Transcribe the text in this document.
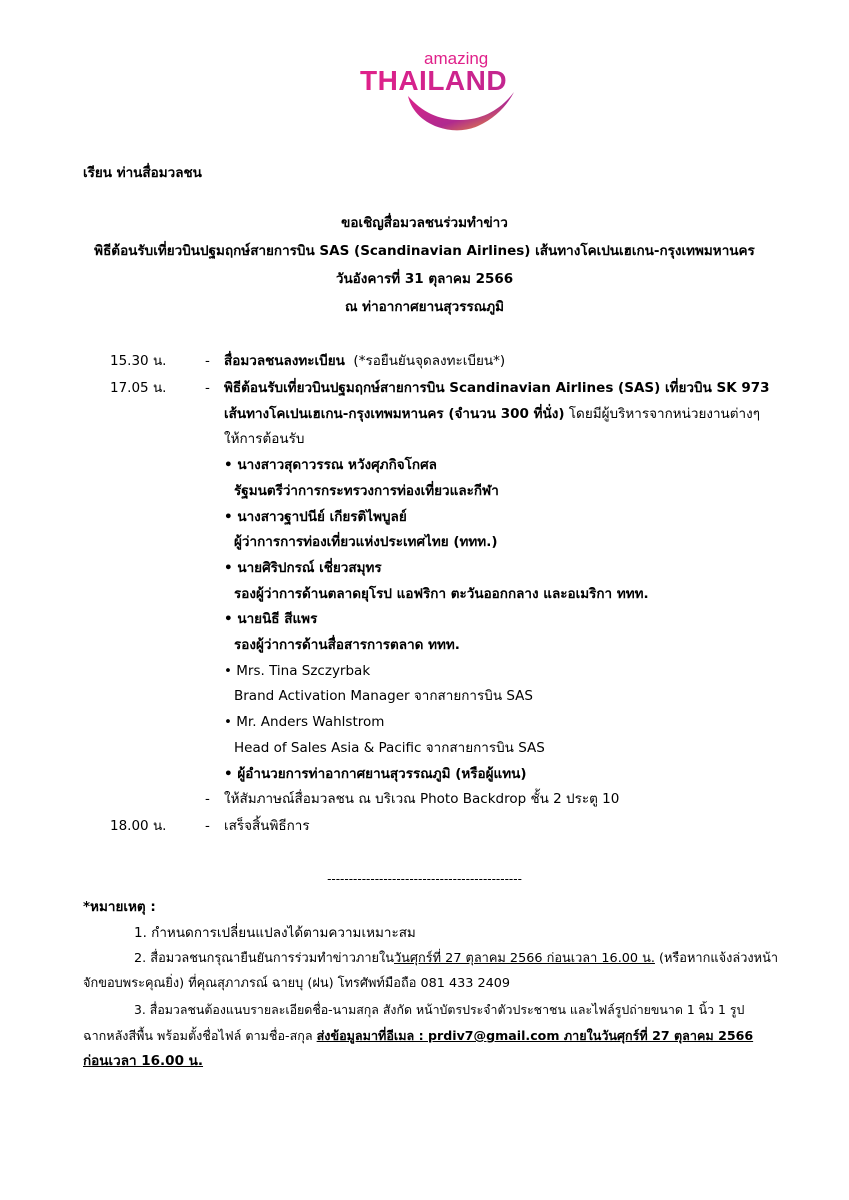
amazing
THAILAND
เรียน ท่านสื่อมวลชน
ขอเชิญสื่อมวลชนร่วมทำข่าว
พิธีต้อนรับเที่ยวบินปฐมฤกษ์สายการบิน SAS (Scandinavian Airlines) เส้นทางโคเปนเฮเกน-กรุงเทพมหานคร
วันอังคารที่ 31 ตุลาคม 2566
ณ ท่าอากาศยานสุวรรณภูมิ
15.30 น.	- สื่อมวลชนลงทะเบียน (*รอยืนยันจุดลงทะเบียน*)
17.05 น.	- พิธีต้อนรับเที่ยวบินปฐมฤกษ์สายการบิน Scandinavian Airlines (SAS) เที่ยวบิน SK 973
เส้นทางโคเปนเฮเกน-กรุงเทพมหานคร (จำนวน 300 ที่นั่ง) โดยมีผู้บริหารจากหน่วยงานต่างๆ
ให้การต้อนรับ
• นางสาวสุดาวรรณ หวังศุภกิจโกศล
รัฐมนตรีว่าการกระทรวงการท่องเที่ยวและกีฬา
• นางสาวฐาปนีย์ เกียรติไพบูลย์
ผู้ว่าการการท่องเที่ยวแห่งประเทศไทย (ททท.)
• นายศิริปกรณ์ เชี่ยวสมุทร
รองผู้ว่าการด้านตลาดยุโรป แอฟริกา ตะวันออกกลาง และอเมริกา ททท.
• นายนิธี สีแพร
รองผู้ว่าการด้านสื่อสารการตลาด ททท.
• Mrs. Tina Szczyrbak
Brand Activation Manager จากสายการบิน SAS
• Mr. Anders Wahlstrom
Head of Sales Asia & Pacific จากสายการบิน SAS
• ผู้อำนวยการท่าอากาศยานสุวรรณภูมิ (หรือผู้แทน)
- ให้สัมภาษณ์สื่อมวลชน ณ บริเวณ Photo Backdrop ชั้น 2 ประตู 10
18.00 น.	- เสร็จสิ้นพิธีการ
---------------------------------------------
*หมายเหตุ :
1. กำหนดการเปลี่ยนแปลงได้ตามความเหมาะสม
2. สื่อมวลชนกรุณายืนยันการร่วมทำข่าวภายในวันศุกร์ที่ 27 ตุลาคม 2566 ก่อนเวลา 16.00 น. (หรือหากแจ้งล่วงหน้า
จักขอบพระคุณยิ่ง) ที่คุณสุภาภรณ์ ฉายบุ (ฝน) โทรศัพท์มือถือ 081 433 2409
3. สื่อมวลชนต้องแนบรายละเอียดชื่อ-นามสกุล สังกัด หน้าบัตรประจำตัวประชาชน และไฟล์รูปถ่ายขนาด 1 นิ้ว 1 รูป
ฉากหลังสีพื้น พร้อมตั้งชื่อไฟล์ ตามชื่อ-สกุล ส่งข้อมูลมาที่อีเมล : prdiv7@gmail.com ภายในวันศุกร์ที่ 27 ตุลาคม 2566
ก่อนเวลา 16.00 น.
